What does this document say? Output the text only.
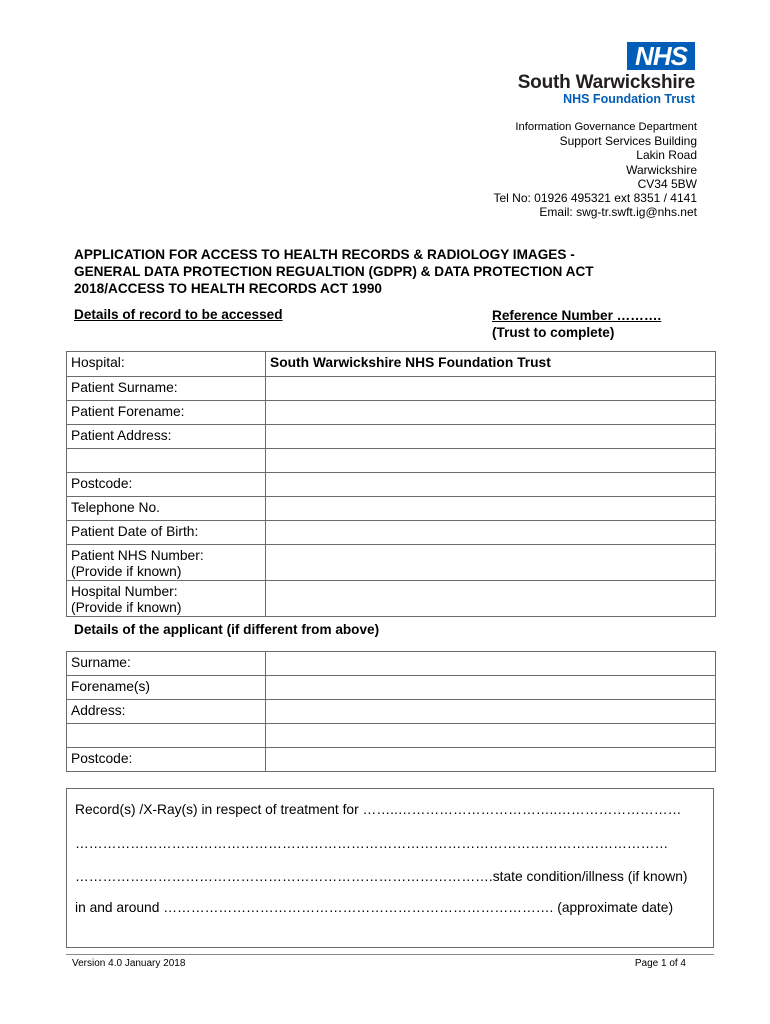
NHS
South Warwickshire
NHS Foundation Trust
Information Governance Department
Support Services Building
Lakin Road
Warwickshire
CV34 5BW
Tel No: 01926 495321 ext 8351 / 4141
Email: swg-tr.swft.ig@nhs.net
APPLICATION FOR ACCESS TO HEALTH RECORDS & RADIOLOGY IMAGES -
GENERAL DATA PROTECTION REGUALTION (GDPR) & DATA PROTECTION ACT
2018/ACCESS TO HEALTH RECORDS ACT 1990
Details of record to be accessed	Reference Number ……….
(Trust to complete)
Hospital:	South Warwickshire NHS Foundation Trust
Patient Surname:	
Patient Forename:	
Patient Address:	

Postcode:	
Telephone No.	
Patient Date of Birth:	

Patient NHS Number:
(Provide if known)	

Hospital Number:
(Provide if known)	

Details of the applicant (if different from above)
Surname:	
Forename(s)	
Address:	

Postcode:	
Record(s) /X-Ray(s) in respect of treatment for ……..……………………………..………………………
…………………………………………………………………………………………………………………
……………………………………………………………………………….state condition/illness (if known)
in and around …………………………………………………………………………. (approximate date)
Version 4.0 January 2018	Page 1 of 4
